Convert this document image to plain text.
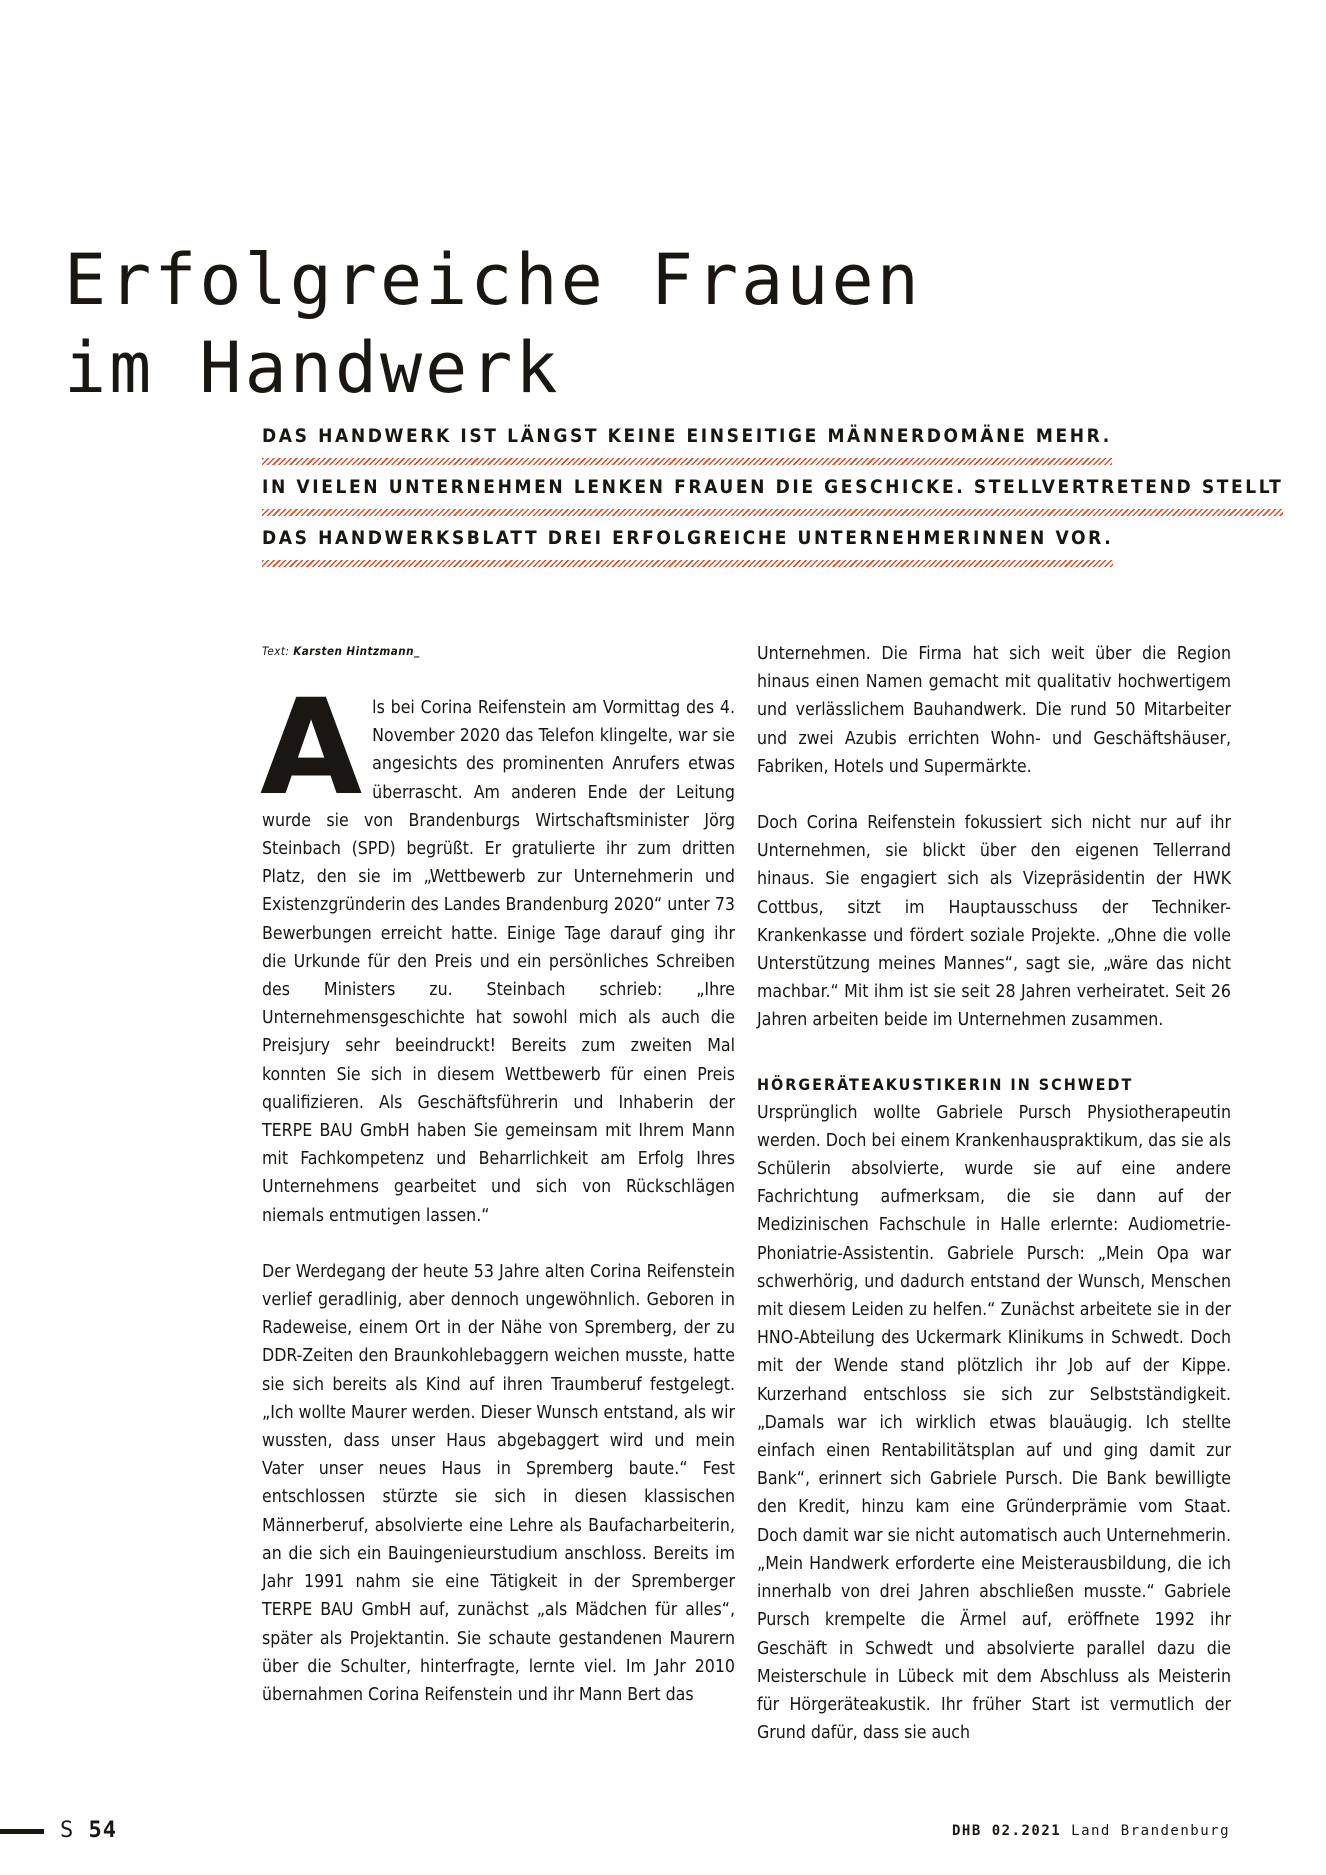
Erfolgreiche Frauen
im Handwerk
DAS HANDWERK IST LÄNGST KEINE EINSEITIGE MÄNNERDOMÄNE MEHR.
IN VIELEN UNTERNEHMEN LENKEN FRAUEN DIE GESCHICKE. STELLVERTRETEND STELLT
DAS HANDWERKSBLATT DREI ERFOLGREICHE UNTERNEHMERINNEN VOR.
Text: Karsten Hintzmann_

Als bei Corina Reifenstein am Vormittag des 4. November 2020 das Telefon klingelte, war sie angesichts des prominenten Anrufers etwas überrascht. Am anderen Ende der Leitung wurde sie von Brandenburgs Wirtschaftsminister Jörg Steinbach (SPD) begrüßt. Er gratulierte ihr zum dritten Platz, den sie im „Wettbewerb zur Unternehmerin und Existenzgründerin des Landes Brandenburg 2020“ unter 73 Bewerbungen erreicht hatte. Einige Tage darauf ging ihr die Urkunde für den Preis und ein persönliches Schreiben des Ministers zu. Steinbach schrieb: „Ihre Unternehmensgeschichte hat sowohl mich als auch die Preisjury sehr beeindruckt! Bereits zum zweiten Mal konnten Sie sich in diesem Wettbewerb für einen Preis qualifizieren. Als Geschäftsführerin und Inhaberin der TERPE BAU GmbH haben Sie gemeinsam mit Ihrem Mann mit Fachkompetenz und Beharrlichkeit am Erfolg Ihres Unternehmens gearbeitet und sich von Rückschlägen niemals entmutigen lassen.“

Der Werdegang der heute 53 Jahre alten Corina Reifenstein verlief geradlinig, aber dennoch ungewöhnlich. Geboren in Radeweise, einem Ort in der Nähe von Spremberg, der zu DDR-Zeiten den Braunkohlebaggern weichen musste, hatte sie sich bereits als Kind auf ihren Traumberuf festgelegt. „Ich wollte Maurer werden. Dieser Wunsch entstand, als wir wussten, dass unser Haus abgebaggert wird und mein Vater unser neues Haus in Spremberg baute.“ Fest entschlossen stürzte sie sich in diesen klassischen Männerberuf, absolvierte eine Lehre als Baufacharbeiterin, an die sich ein Bauingenieurstudium anschloss. Bereits im Jahr 1991 nahm sie eine Tätigkeit in der Spremberger TERPE BAU GmbH auf, zunächst „als Mädchen für alles“, später als Projektantin. Sie schaute gestandenen Maurern über die Schulter, hinterfragte, lernte viel. Im Jahr 2010 übernahmen Corina Reifenstein und ihr Mann Bert das

Unternehmen. Die Firma hat sich weit über die Region hinaus einen Namen gemacht mit qualitativ hochwertigem und verlässlichem Bauhandwerk. Die rund 50 Mitarbeiter und zwei Azubis errichten Wohn- und Geschäftshäuser, Fabriken, Hotels und Supermärkte.

Doch Corina Reifenstein fokussiert sich nicht nur auf ihr Unternehmen, sie blickt über den eigenen Tellerrand hinaus. Sie engagiert sich als Vizepräsidentin der HWK Cottbus, sitzt im Hauptausschuss der Techniker-Krankenkasse und fördert soziale Projekte. „Ohne die volle Unterstützung meines Mannes“, sagt sie, „wäre das nicht machbar.“ Mit ihm ist sie seit 28 Jahren verheiratet. Seit 26 Jahren arbeiten beide im Unternehmen zusammen.

HÖRGERÄTEAKUSTIKERIN IN SCHWEDT

Ursprünglich wollte Gabriele Pursch Physiotherapeutin werden. Doch bei einem Krankenhauspraktikum, das sie als Schülerin absolvierte, wurde sie auf eine andere Fachrichtung aufmerksam, die sie dann auf der Medizinischen Fachschule in Halle erlernte: Audiometrie-Phoniatrie-Assistentin. Gabriele Pursch: „Mein Opa war schwerhörig, und dadurch entstand der Wunsch, Menschen mit diesem Leiden zu helfen.“ Zunächst arbeitete sie in der HNO-Abteilung des Uckermark Klinikums in Schwedt. Doch mit der Wende stand plötzlich ihr Job auf der Kippe. Kurzerhand entschloss sie sich zur Selbstständigkeit. „Damals war ich wirklich etwas blauäugig. Ich stellte einfach einen Rentabilitätsplan auf und ging damit zur Bank“, erinnert sich Gabriele Pursch. Die Bank bewilligte den Kredit, hinzu kam eine Gründerprämie vom Staat. Doch damit war sie nicht automatisch auch Unternehmerin. „Mein Handwerk erforderte eine Meisterausbildung, die ich innerhalb von drei Jahren abschließen musste.“ Gabriele Pursch krempelte die Ärmel auf, eröffnete 1992 ihr Geschäft in Schwedt und absolvierte parallel dazu die Meisterschule in Lübeck mit dem Abschluss als Meisterin für Hörgeräteakustik. Ihr früher Start ist vermutlich der Grund dafür, dass sie auch

S 54	DHB 02.2021 Land Brandenburg
